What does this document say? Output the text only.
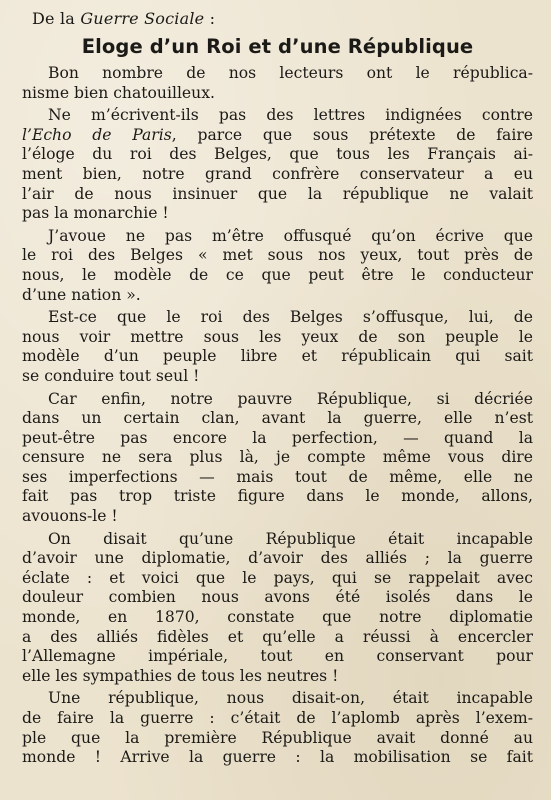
De la Guerre Sociale :
Eloge d’un Roi et d’une République
Bon nombre de nos lecteurs ont le républica-
nisme bien chatouilleux.
Ne m’écrivent-ils pas des lettres indignées contre
l’Echo de Paris, parce que sous prétexte de faire
l’éloge du roi des Belges, que tous les Français ai-
ment bien, notre grand confrère conservateur a eu
l’air de nous insinuer que la république ne valait
pas la monarchie !
J’avoue ne pas m’être offusqué qu’on écrive que
le roi des Belges « met sous nos yeux, tout près de
nous, le modèle de ce que peut être le conducteur
d’une nation ».
Est-ce que le roi des Belges s’offusque, lui, de
nous voir mettre sous les yeux de son peuple le
modèle d’un peuple libre et républicain qui sait
se conduire tout seul !
Car enfin, notre pauvre République, si décriée
dans un certain clan, avant la guerre, elle n’est
peut-être pas encore la perfection, — quand la
censure ne sera plus là, je compte même vous dire
ses imperfections — mais tout de même, elle ne
fait pas trop triste figure dans le monde, allons,
avouons-le !
On disait qu’une République était incapable
d’avoir une diplomatie, d’avoir des alliés ; la guerre
éclate : et voici que le pays, qui se rappelait avec
douleur combien nous avons été isolés dans le
monde, en 1870, constate que notre diplomatie
a des alliés fidèles et qu’elle a réussi à encercler
l’Allemagne impériale, tout en conservant pour
elle les sympathies de tous les neutres !
Une république, nous disait-on, était incapable
de faire la guerre : c’était de l’aplomb après l’exem-
ple que la première République avait donné au
monde ! Arrive la guerre : la mobilisation se fait
